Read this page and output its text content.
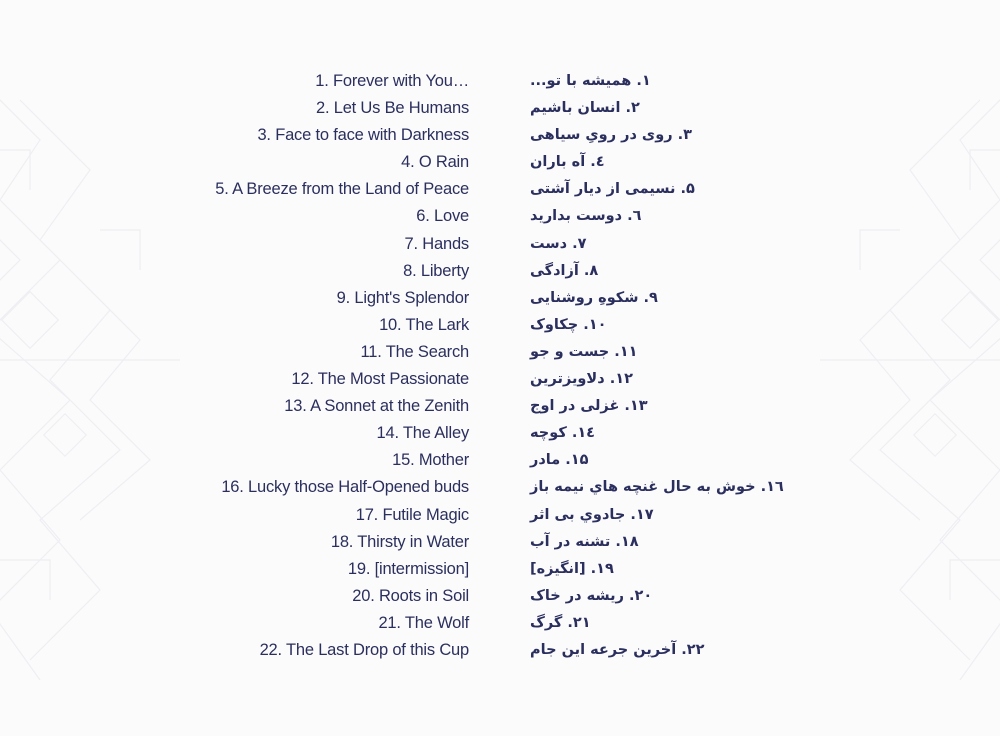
1. Forever with You…	۱. همیشه با تو...
2. Let Us Be Humans	۲. انسان باشیم
3. Face to face with Darkness	۳. روی در رویِ سیاهی
4. O Rain	٤. آه باران
5. A Breeze from the Land of Peace	۵. نسیمی از دیار آشتی
6. Love	٦. دوست بدارید
7. Hands	۷. دست
8. Liberty	۸. آزادگی
9. Light's Splendor	۹. شکوهِ روشنایی
10. The Lark	۱۰. چکاوک
11. The Search	۱۱. جست و جو
12. The Most Passionate	۱۲. دلاویزترین
13. A Sonnet at the Zenith	۱۳. غزلی در اوج
14. The Alley	۱٤. کوچه
15. Mother	۱۵. مادر
16. Lucky those Half-Opened buds	۱٦. خوش به حال غنچه هاي نیمه باز
17. Futile Magic	۱۷. جادوي بی اثر
18. Thirsty in Water	۱۸. تشنه در آب
19. [intermission]	۱۹. [انگیزه]
20. Roots in Soil	۲۰. ریشه در خاک
21. The Wolf	۲۱. گرگ
22. The Last Drop of this Cup	۲۲. آخرین جرعه این جام
